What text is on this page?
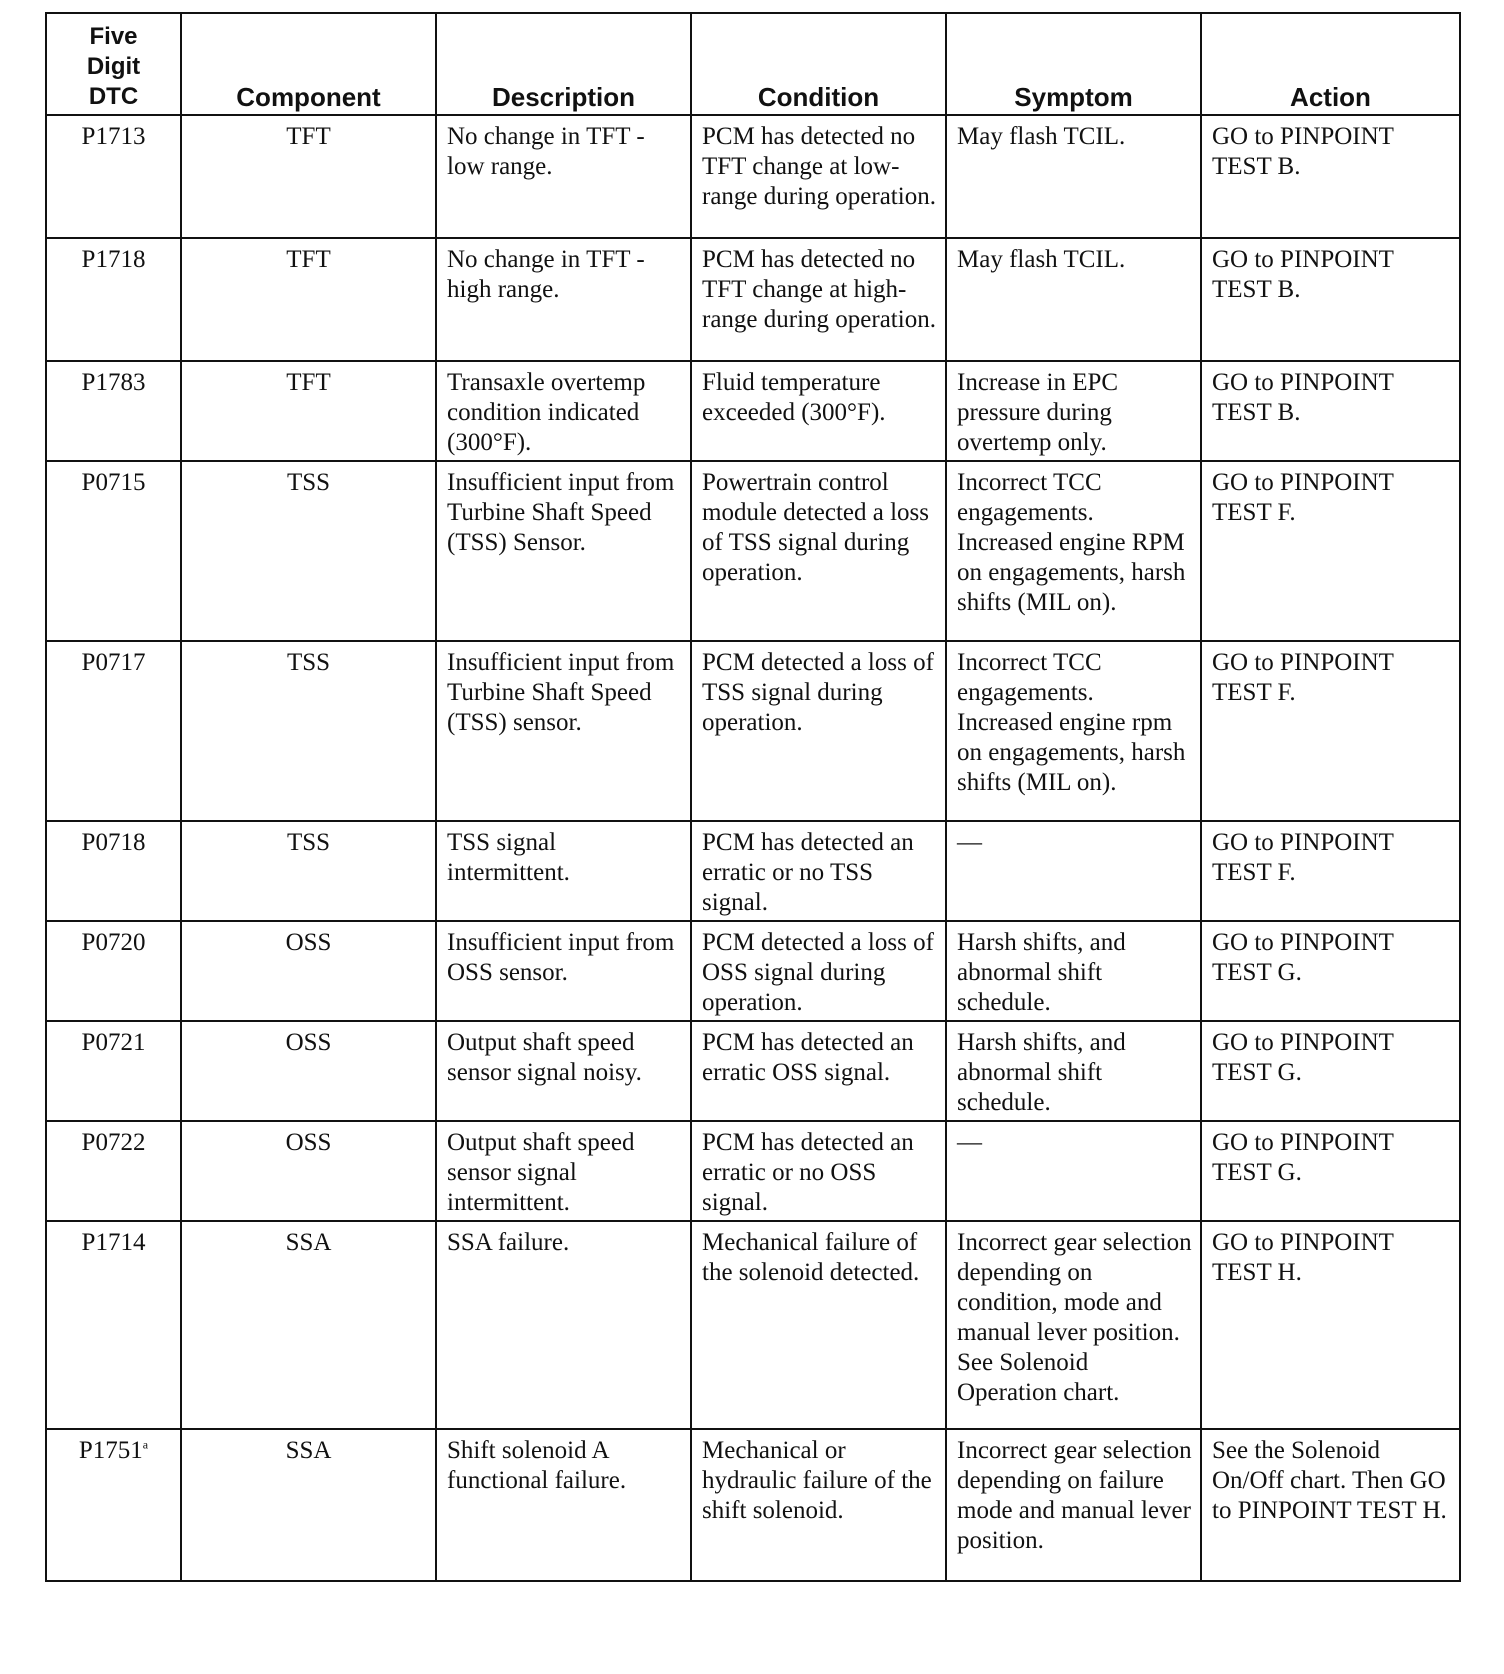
Five
Digit
DTC	Component	Description	Condition	Symptom	Action
P1713	TFT	No change in TFT - low range.	PCM has detected no TFT change at low-range during operation.	May flash TCIL.	GO to PINPOINT TEST B.
P1718	TFT	No change in TFT - high range.	PCM has detected no TFT change at high-range during operation.	May flash TCIL.	GO to PINPOINT TEST B.
P1783	TFT	Transaxle overtemp condition indicated (300°F).	Fluid temperature exceeded (300°F).	Increase in EPC pressure during overtemp only.	GO to PINPOINT TEST B.
P0715	TSS	Insufficient input from Turbine Shaft Speed (TSS) Sensor.	Powertrain control module detected a loss of TSS signal during operation.	Incorrect TCC engagements. Increased engine RPM on engagements, harsh shifts (MIL on).	GO to PINPOINT TEST F.
P0717	TSS	Insufficient input from Turbine Shaft Speed (TSS) sensor.	PCM detected a loss of TSS signal during operation.	Incorrect TCC engagements. Increased engine rpm on engagements, harsh shifts (MIL on).	GO to PINPOINT TEST F.
P0718	TSS	TSS signal intermittent.	PCM has detected an erratic or no TSS signal.	—	GO to PINPOINT TEST F.
P0720	OSS	Insufficient input from OSS sensor.	PCM detected a loss of OSS signal during operation.	Harsh shifts, and abnormal shift schedule.	GO to PINPOINT TEST G.
P0721	OSS	Output shaft speed sensor signal noisy.	PCM has detected an erratic OSS signal.	Harsh shifts, and abnormal shift schedule.	GO to PINPOINT TEST G.
P0722	OSS	Output shaft speed sensor signal intermittent.	PCM has detected an erratic or no OSS signal.	—	GO to PINPOINT TEST G.
P1714	SSA	SSA failure.	Mechanical failure of the solenoid detected.	Incorrect gear selection depending on condition, mode and manual lever position. See Solenoid Operation chart.	GO to PINPOINT TEST H.
P1751$^a$	SSA	Shift solenoid A functional failure.	Mechanical or hydraulic failure of the shift solenoid.	Incorrect gear selection depending on failure mode and manual lever position.	See the Solenoid On/Off chart. Then GO to PINPOINT TEST H.
